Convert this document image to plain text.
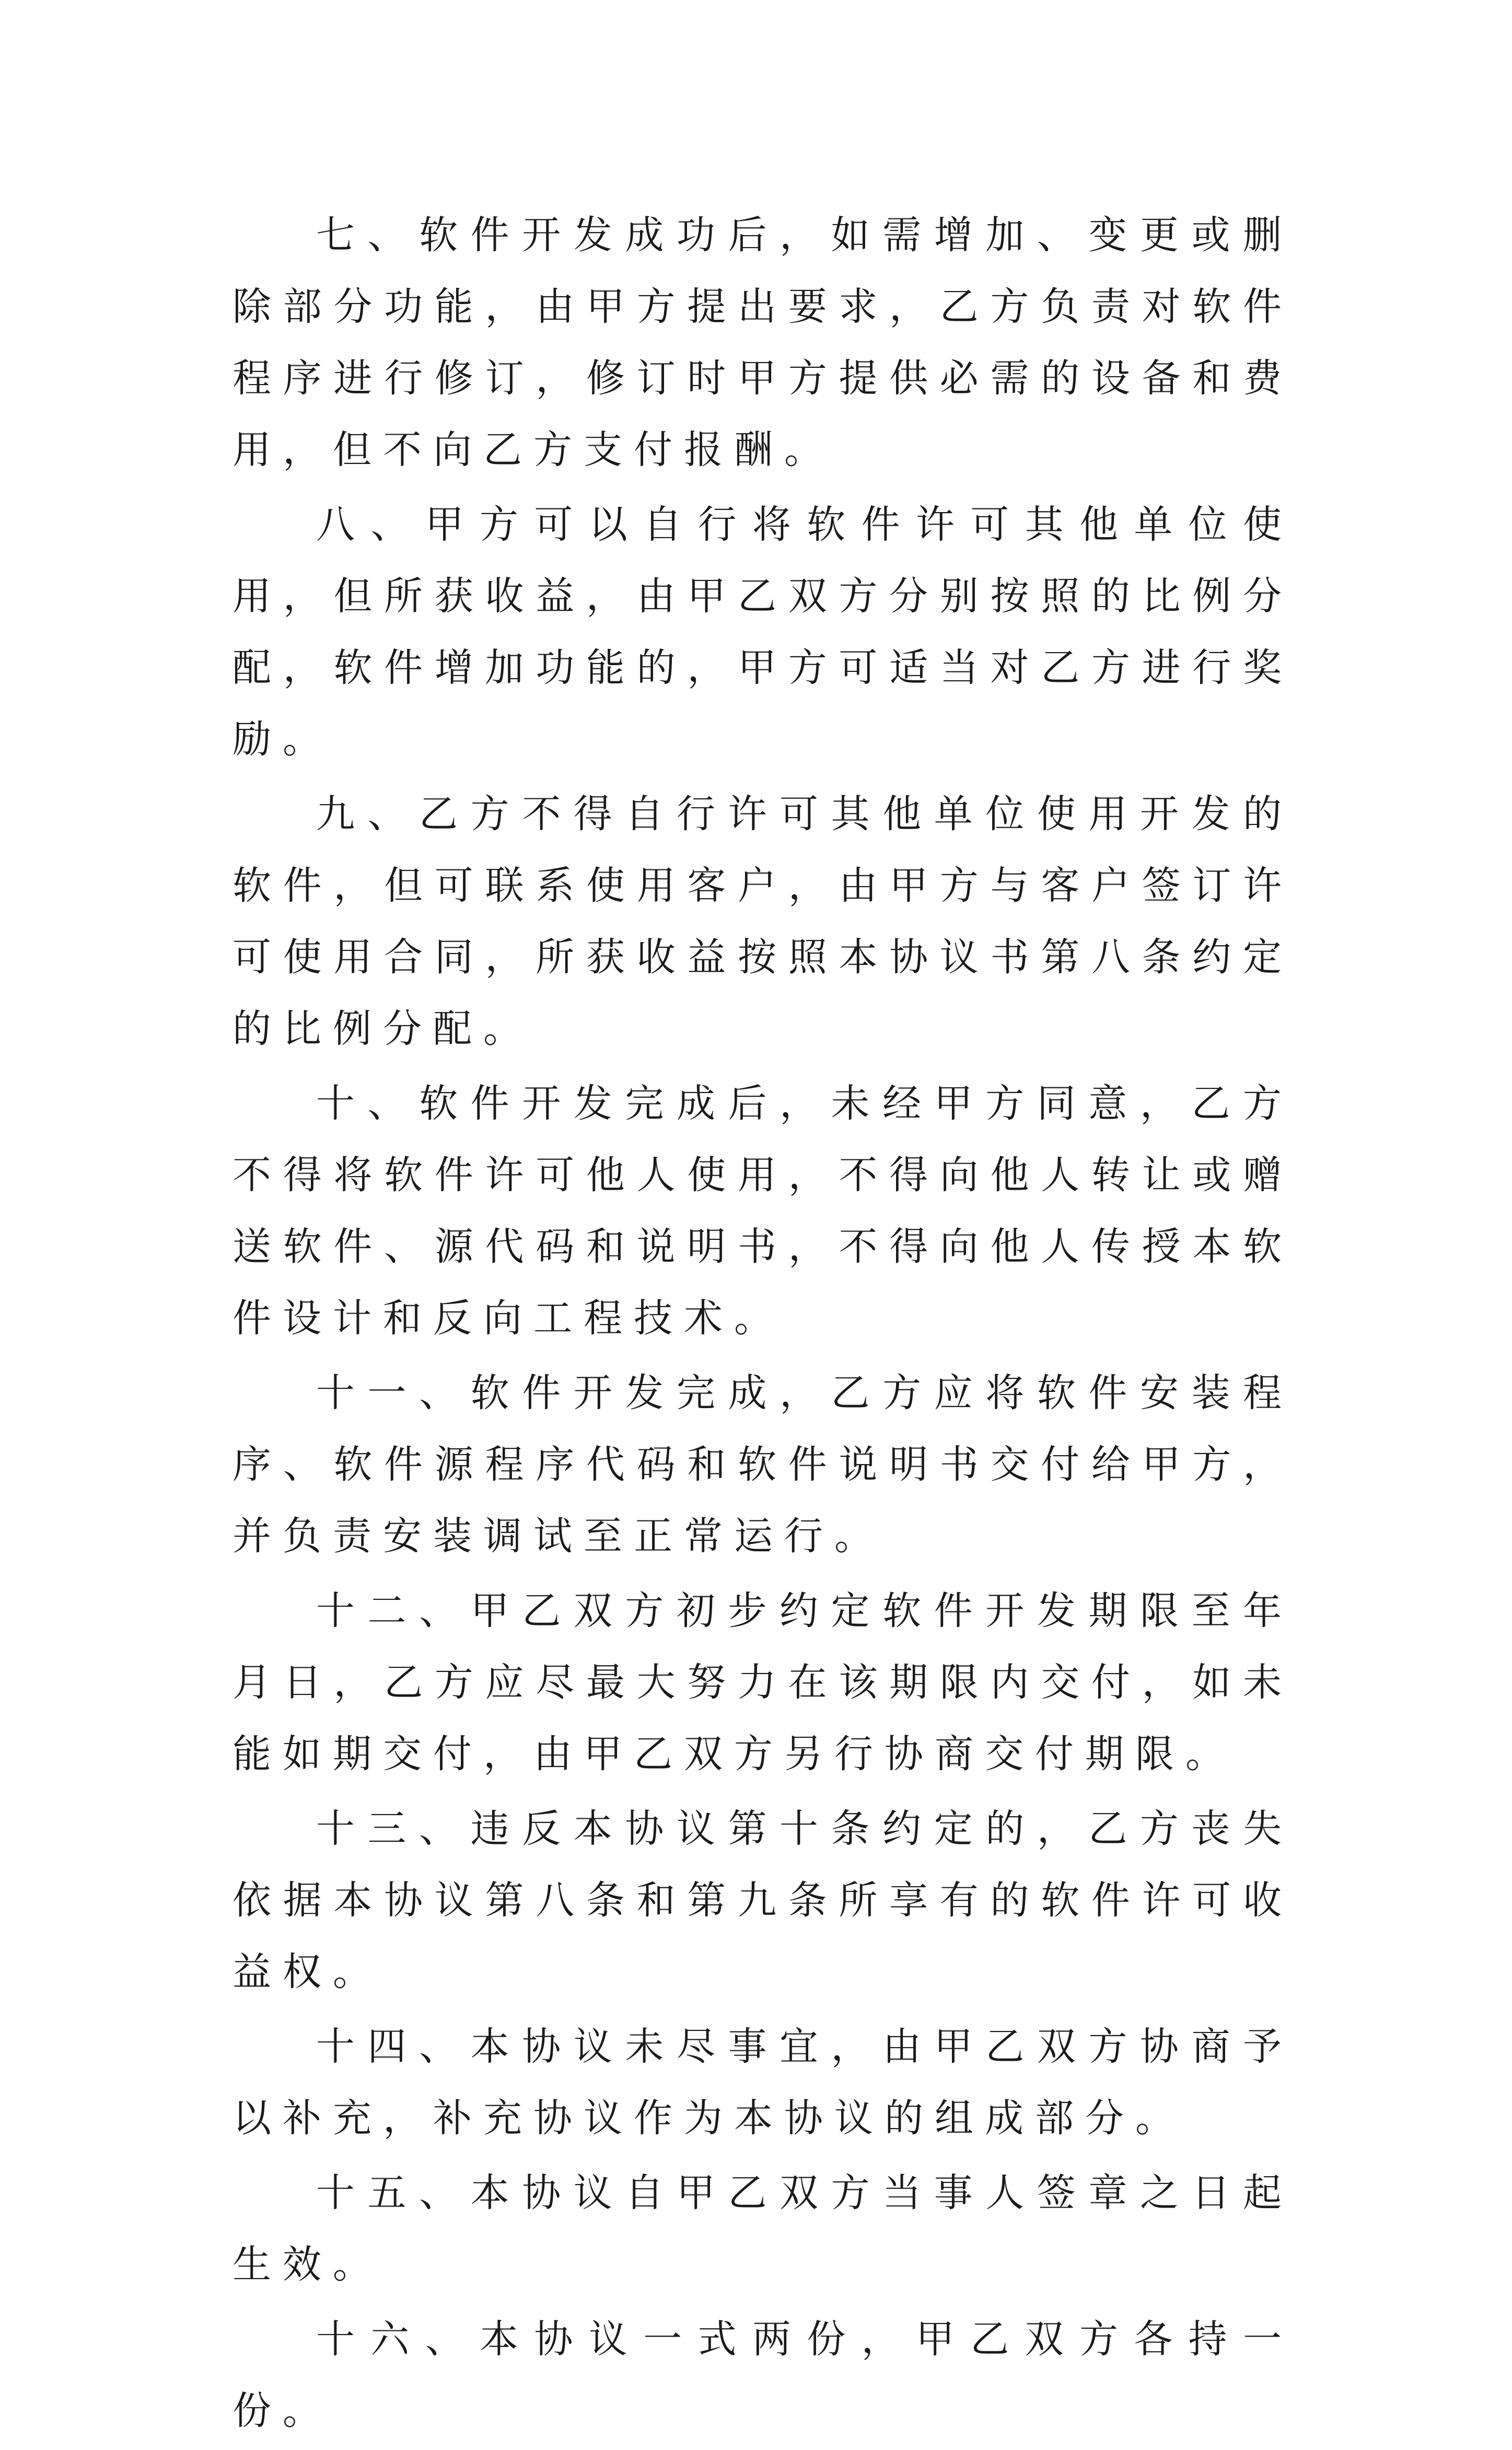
七、软件开发成功后，如需增加、变更或删除部分功能，由甲方提出要求，乙方负责对软件程序进行修订，修订时甲方提供必需的设备和费用，但不向乙方支付报酬。

八、甲方可以自行将软件许可其他单位使用，但所获收益，由甲乙双方分别按照的比例分配，软件增加功能的，甲方可适当对乙方进行奖励。

九、乙方不得自行许可其他单位使用开发的软件，但可联系使用客户，由甲方与客户签订许可使用合同，所获收益按照本协议书第八条约定的比例分配。

十、软件开发完成后，未经甲方同意，乙方不得将软件许可他人使用，不得向他人转让或赠送软件、源代码和说明书，不得向他人传授本软件设计和反向工程技术。

十一、软件开发完成，乙方应将软件安装程序、软件源程序代码和软件说明书交付给甲方，并负责安装调试至正常运行。

十二、甲乙双方初步约定软件开发期限至年月日，乙方应尽最大努力在该期限内交付，如未能如期交付，由甲乙双方另行协商交付期限。

十三、违反本协议第十条约定的，乙方丧失依据本协议第八条和第九条所享有的软件许可收益权。

十四、本协议未尽事宜，由甲乙双方协商予以补充，补充协议作为本协议的组成部分。

十五、本协议自甲乙双方当事人签章之日起生效。

十六、本协议一式两份，甲乙双方各持一份。
